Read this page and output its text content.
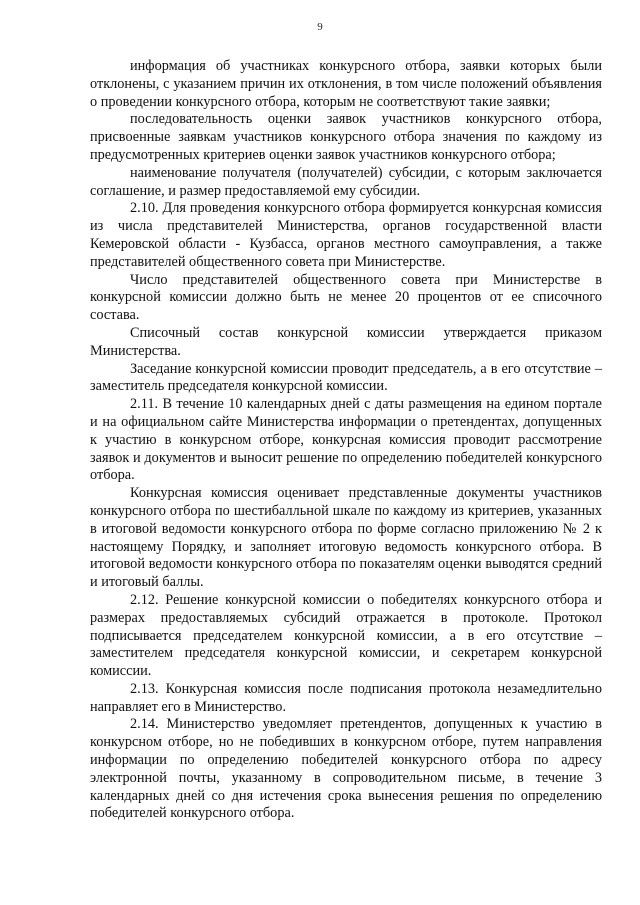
9

информация об участниках конкурсного отбора, заявки которых были отклонены, с указанием причин их отклонения, в том числе положений объявления о проведении конкурсного отбора, которым не соответствуют такие заявки;

последовательность оценки заявок участников конкурсного отбора, присвоенные заявкам участников конкурсного отбора значения по каждому из предусмотренных критериев оценки заявок участников конкурсного отбора;

наименование получателя (получателей) субсидии, с которым заключается соглашение, и размер предоставляемой ему субсидии.

2.10. Для проведения конкурсного отбора формируется конкурсная комиссия из числа представителей Министерства, органов государственной власти Кемеровской области - Кузбасса, органов местного самоуправления, а также представителей общественного совета при Министерстве.

Число представителей общественного совета при Министерстве в конкурсной комиссии должно быть не менее 20 процентов от ее списочного состава.

Списочный состав конкурсной комиссии утверждается приказом Министерства.

Заседание конкурсной комиссии проводит председатель, а в его отсутствие – заместитель председателя конкурсной комиссии.

2.11. В течение 10 календарных дней с даты размещения на едином портале и на официальном сайте Министерства информации о претендентах, допущенных к участию в конкурсном отборе, конкурсная комиссия проводит рассмотрение заявок и документов и выносит решение по определению победителей конкурсного отбора.

Конкурсная комиссия оценивает представленные документы участников конкурсного отбора по шестибалльной шкале по каждому из критериев, указанных в итоговой ведомости конкурсного отбора по форме согласно приложению № 2 к настоящему Порядку, и заполняет итоговую ведомость конкурсного отбора. В итоговой ведомости конкурсного отбора по показателям оценки выводятся средний и итоговый баллы.

2.12. Решение конкурсной комиссии о победителях конкурсного отбора и размерах предоставляемых субсидий отражается в протоколе. Протокол подписывается председателем конкурсной комиссии, а в его отсутствие – заместителем председателя конкурсной комиссии, и секретарем конкурсной комиссии.

2.13. Конкурсная комиссия после подписания протокола незамедлительно направляет его в Министерство.

2.14. Министерство уведомляет претендентов, допущенных к участию в конкурсном отборе, но не победивших в конкурсном отборе, путем направления информации по определению победителей конкурсного отбора по адресу электронной почты, указанному в сопроводительном письме, в течение 3 календарных дней со дня истечения срока вынесения решения по определению победителей конкурсного отбора.
